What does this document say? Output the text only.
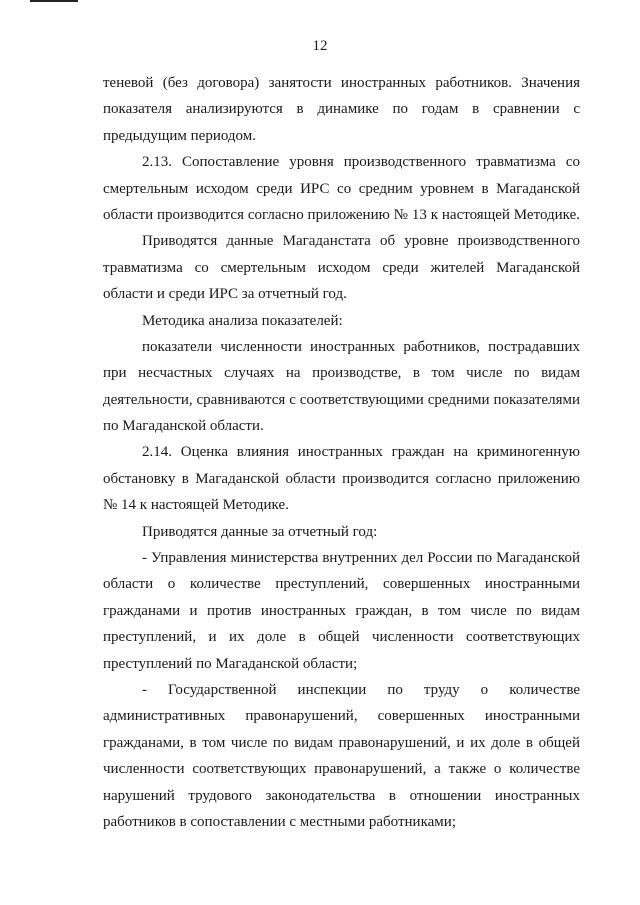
12
теневой (без договора) занятости иностранных работников. Значения
показателя анализируются в динамике по годам в сравнении с
предыдущим периодом.
2.13. Сопоставление уровня производственного травматизма со
смертельным исходом среди ИРС со средним уровнем в Магаданской
области производится согласно приложению № 13 к настоящей Методике.
Приводятся данные Магаданстата об уровне производственного
травматизма со смертельным исходом среди жителей Магаданской
области и среди ИРС за отчетный год.
Методика анализа показателей:
показатели численности иностранных работников, пострадавших
при несчастных случаях на производстве, в том числе по видам
деятельности, сравниваются с соответствующими средними показателями
по Магаданской области.
2.14. Оценка влияния иностранных граждан на криминогенную
обстановку в Магаданской области производится согласно приложению
№ 14 к настоящей Методике.
Приводятся данные за отчетный год:
- Управления министерства внутренних дел России по Магаданской
области о количестве преступлений, совершенных иностранными
гражданами и против иностранных граждан, в том числе по видам
преступлений, и их доле в общей численности соответствующих
преступлений по Магаданской области;
- Государственной инспекции по труду о количестве
административных правонарушений, совершенных иностранными
гражданами, в том числе по видам правонарушений, и их доле в общей
численности соответствующих правонарушений, а также о количестве
нарушений трудового законодательства в отношении иностранных
работников в сопоставлении с местными работниками;
